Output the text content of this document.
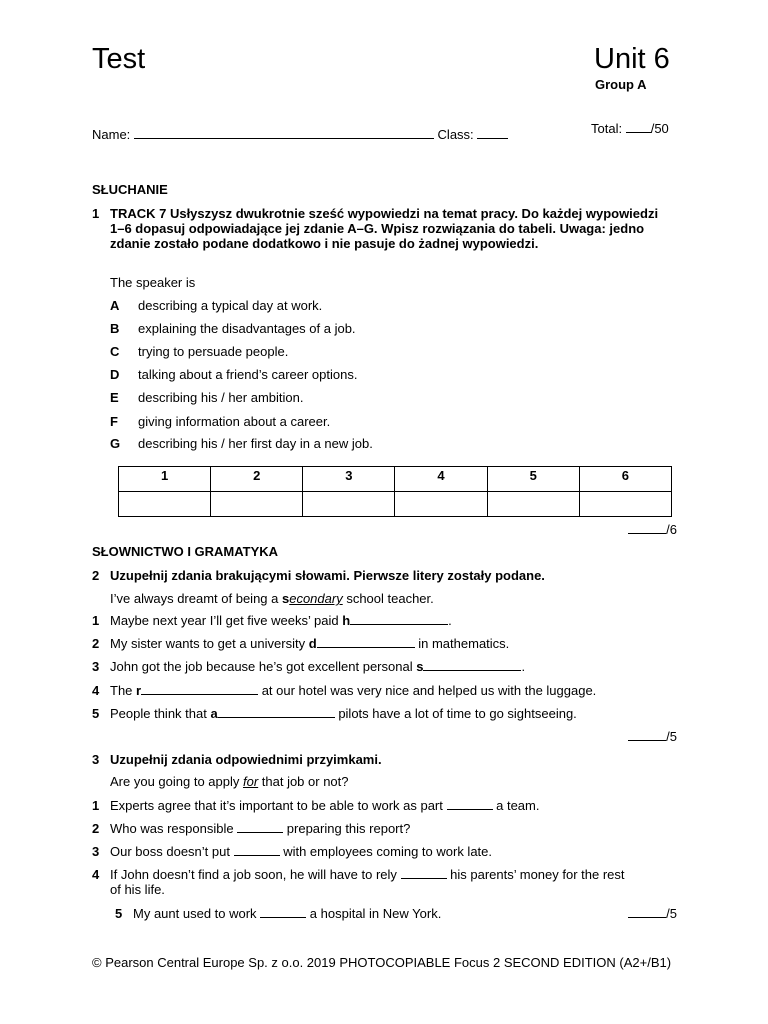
Test	Unit 6
Group A
Name:	Class:	Total: /50
SŁUCHANIE
1 TRACK 7 Usłyszysz dwukrotnie sześć wypowiedzi na temat pracy. Do każdej wypowiedzi 1–6 dopasuj odpowiadające jej zdanie A–G. Wpisz rozwiązania do tabeli. Uwaga: jedno zdanie zostało podane dodatkowo i nie pasuje do żadnej wypowiedzi.
The speaker is
A describing a typical day at work.
B explaining the disadvantages of a job.
C trying to persuade people.
D talking about a friend’s career options.
E describing his / her ambition.
F giving information about a career.
G describing his / her first day in a new job.
1	2	3	4	5	6

/6
SŁOWNICTWO I GRAMATYKA
2 Uzupełnij zdania brakującymi słowami. Pierwsze litery zostały podane.
I’ve always dreamt of being a secondary school teacher.
1 Maybe next year I’ll get five weeks’ paid h	.
2 My sister wants to get a university d	in mathematics.
3 John got the job because he’s got excellent personal s	.
4 The r	at our hotel was very nice and helped us with the luggage.
5 People think that a	pilots have a lot of time to go sightseeing.
/5
3 Uzupełnij zdania odpowiednimi przyimkami.
Are you going to apply for that job or not?
1 Experts agree that it’s important to be able to work as part	a team.
2 Who was responsible	preparing this report?
3 Our boss doesn’t put	with employees coming to work late.
4 If John doesn’t find a job soon, he will have to rely	his parents’ money for the rest
of his life.
5 My aunt used to work	a hospital in New York.	/5
© Pearson Central Europe Sp. z o.o. 2019 PHOTOCOPIABLE Focus 2 SECOND EDITION (A2+/B1)
